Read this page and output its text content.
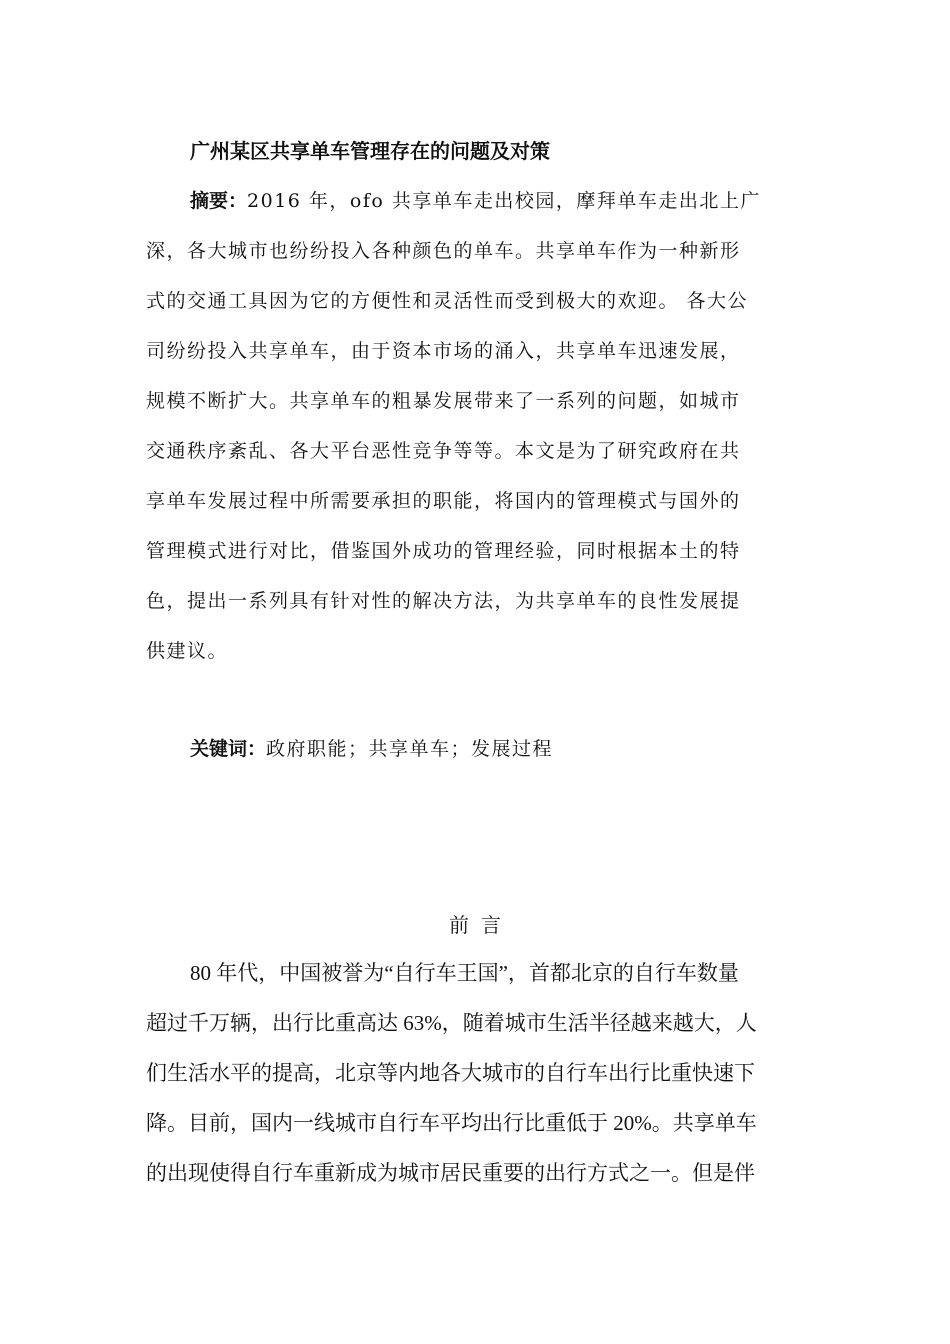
广州某区共享单车管理存在的问题及对策
摘要：2016 年，ofo 共享单车走出校园，摩拜单车走出北上广
深，各大城市也纷纷投入各种颜色的单车。共享单车作为一种新形
式的交通工具因为它的方便性和灵活性而受到极大的欢迎。 各大公
司纷纷投入共享单车，由于资本市场的涌入，共享单车迅速发展，
规模不断扩大。共享单车的粗暴发展带来了一系列的问题，如城市
交通秩序紊乱、各大平台恶性竞争等等。本文是为了研究政府在共
享单车发展过程中所需要承担的职能，将国内的管理模式与国外的
管理模式进行对比，借鉴国外成功的管理经验，同时根据本土的特
色，提出一系列具有针对性的解决方法，为共享单车的良性发展提
供建议。
关键词：政府职能；共享单车；发展过程
前言
80 年代，中国被誉为“自行车王国”，首都北京的自行车数量
超过千万辆，出行比重高达 63%，随着城市生活半径越来越大，人
们生活水平的提高，北京等内地各大城市的自行车出行比重快速下
降。目前，国内一线城市自行车平均出行比重低于 20%。共享单车
的出现使得自行车重新成为城市居民重要的出行方式之一。但是伴
